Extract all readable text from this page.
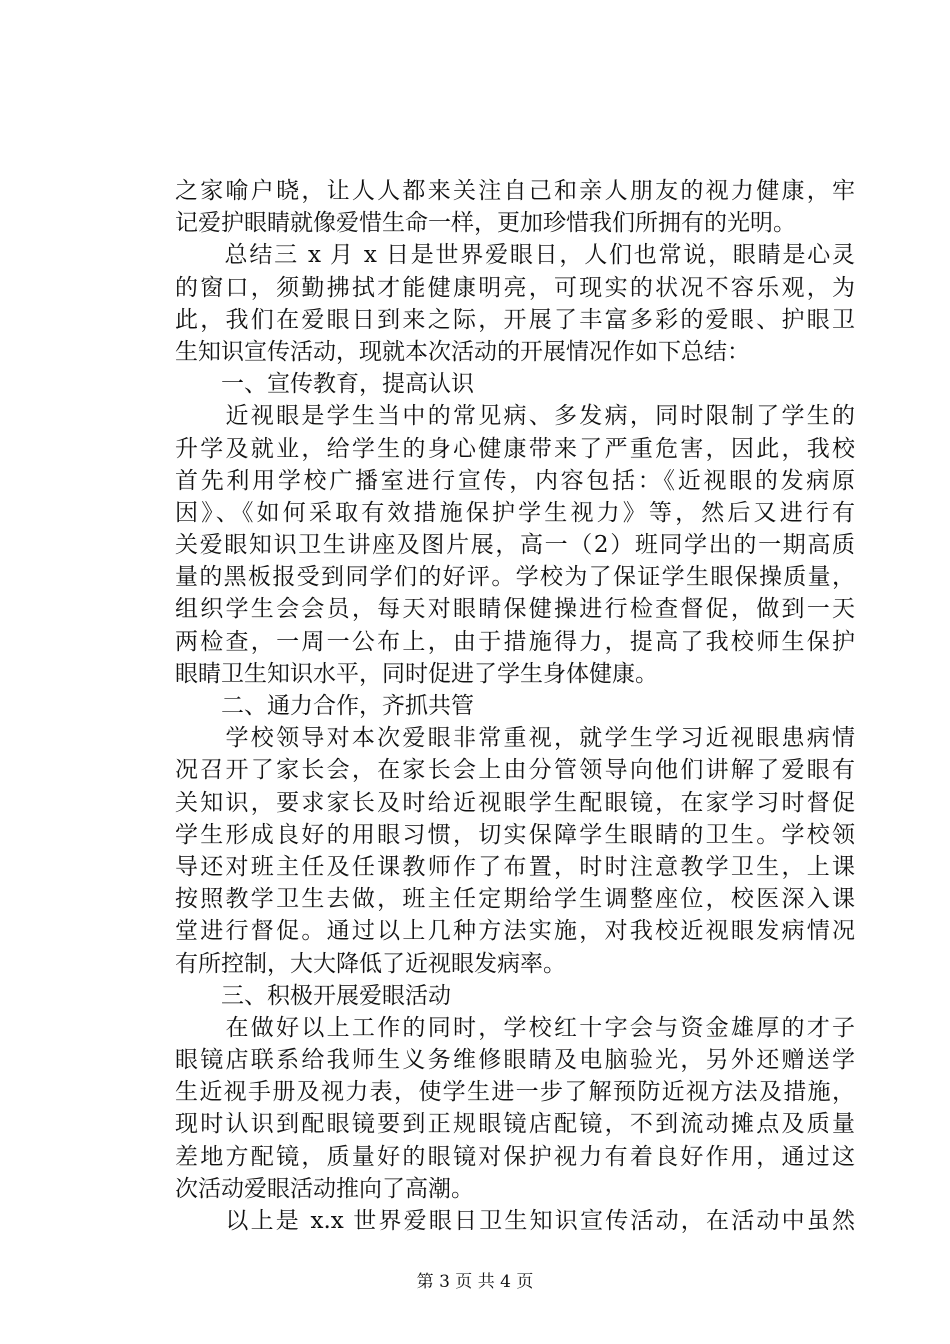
之家喻户晓，让人人都来关注自己和亲人朋友的视力健康，牢
记爱护眼睛就像爱惜生命一样，更加珍惜我们所拥有的光明。
　　总结三 x 月 x 日是世界爱眼日，人们也常说，眼睛是心灵
的窗口，须勤拂拭才能健康明亮，可现实的状况不容乐观，为
此，我们在爱眼日到来之际，开展了丰富多彩的爱眼、护眼卫
生知识宣传活动，现就本次活动的开展情况作如下总结：
　　一、宣传教育，提高认识
　　近视眼是学生当中的常见病、多发病，同时限制了学生的
升学及就业，给学生的身心健康带来了严重危害，因此，我校
首先利用学校广播室进行宣传，内容包括：《近视眼的发病原
因》、《如何采取有效措施保护学生视力》等，然后又进行有
关爱眼知识卫生讲座及图片展，高一（2）班同学出的一期高质
量的黑板报受到同学们的好评。学校为了保证学生眼保操质量，
组织学生会会员，每天对眼睛保健操进行检查督促，做到一天
两检查，一周一公布上，由于措施得力，提高了我校师生保护
眼睛卫生知识水平，同时促进了学生身体健康。
　　二、通力合作，齐抓共管
　　学校领导对本次爱眼非常重视，就学生学习近视眼患病情
况召开了家长会，在家长会上由分管领导向他们讲解了爱眼有
关知识，要求家长及时给近视眼学生配眼镜，在家学习时督促
学生形成良好的用眼习惯，切实保障学生眼睛的卫生。学校领
导还对班主任及任课教师作了布置，时时注意教学卫生，上课
按照教学卫生去做，班主任定期给学生调整座位，校医深入课
堂进行督促。通过以上几种方法实施，对我校近视眼发病情况
有所控制，大大降低了近视眼发病率。
　　三、积极开展爱眼活动
　　在做好以上工作的同时，学校红十字会与资金雄厚的才子
眼镜店联系给我师生义务维修眼睛及电脑验光，另外还赠送学
生近视手册及视力表，使学生进一步了解预防近视方法及措施，
现时认识到配眼镜要到正规眼镜店配镜，不到流动摊点及质量
差地方配镜，质量好的眼镜对保护视力有着良好作用，通过这
次活动爱眼活动推向了高潮。
　　以上是 x.x 世界爱眼日卫生知识宣传活动，在活动中虽然
第 3 页 共 4 页
